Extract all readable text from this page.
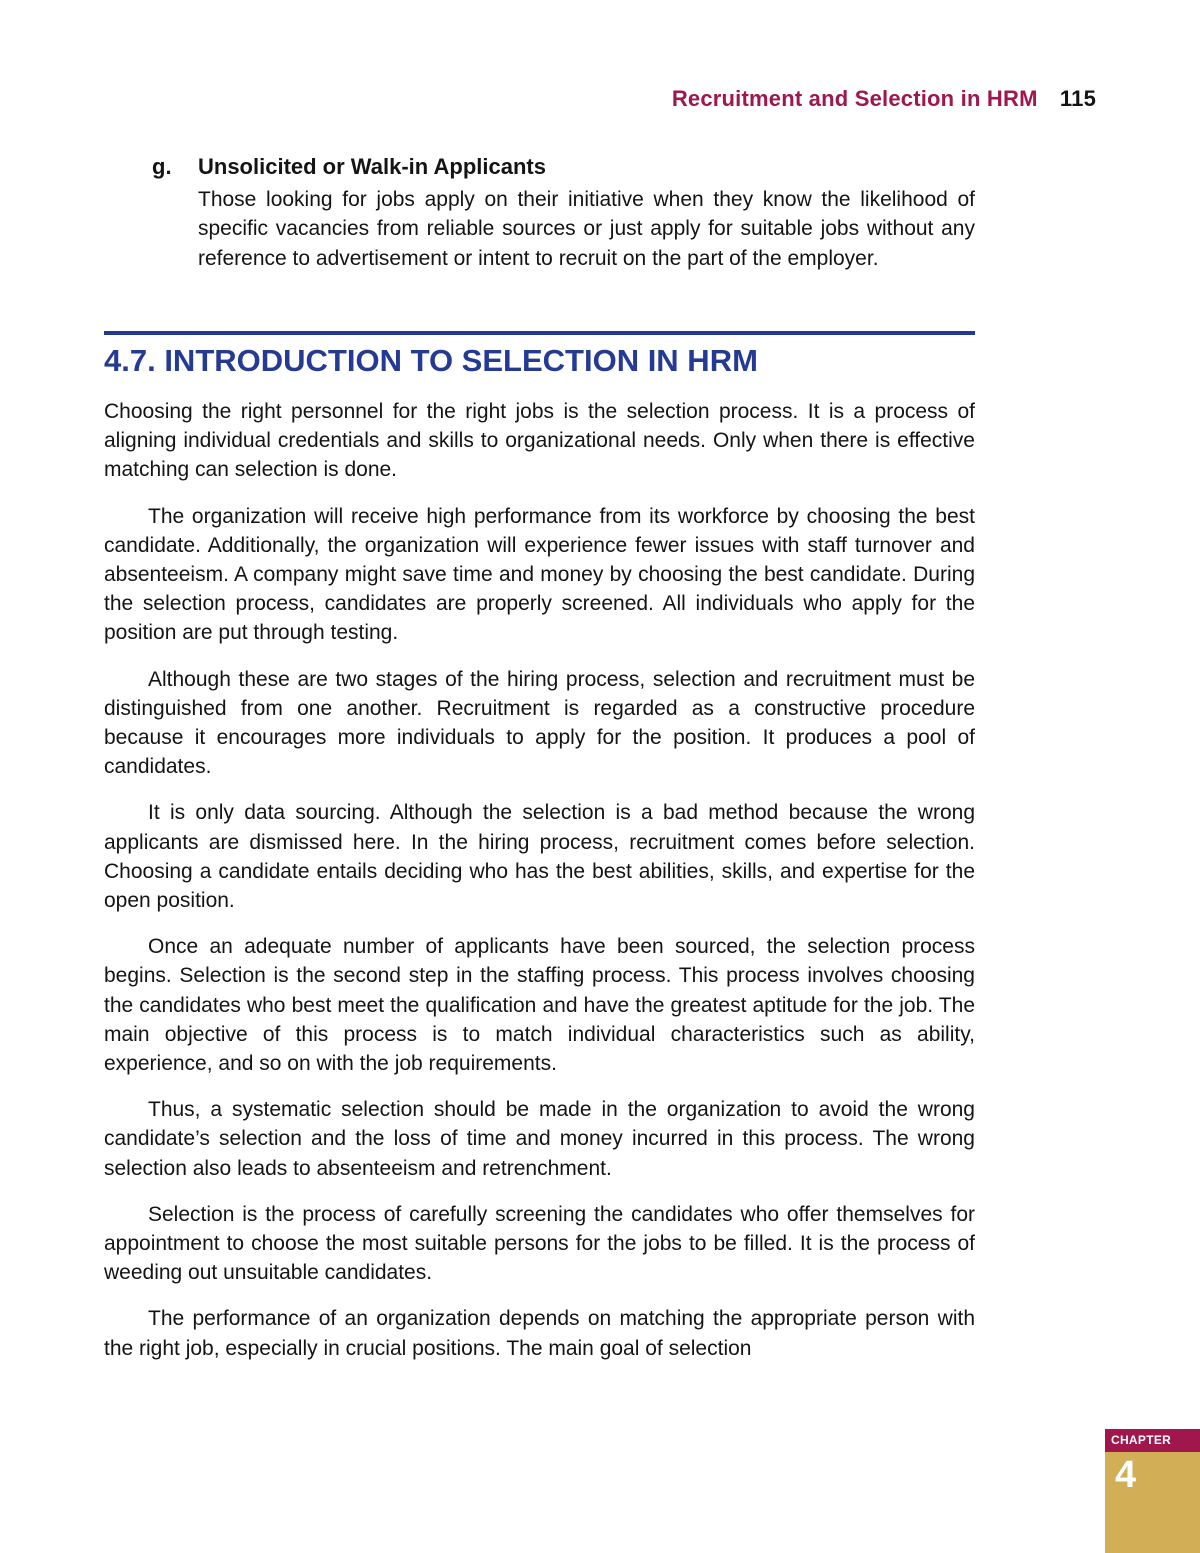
Recruitment and Selection in HRM 115
g. Unsolicited or Walk-in Applicants
Those looking for jobs apply on their initiative when they know the likelihood of specific vacancies from reliable sources or just apply for suitable jobs without any reference to advertisement or intent to recruit on the part of the employer.
4.7. INTRODUCTION TO SELECTION IN HRM

Choosing the right personnel for the right jobs is the selection process. It is a process of aligning individual credentials and skills to organizational needs. Only when there is effective matching can selection is done.

The organization will receive high performance from its workforce by choosing the best candidate. Additionally, the organization will experience fewer issues with staff turnover and absenteeism. A company might save time and money by choosing the best candidate. During the selection process, candidates are properly screened. All individuals who apply for the position are put through testing.

Although these are two stages of the hiring process, selection and recruitment must be distinguished from one another. Recruitment is regarded as a constructive procedure because it encourages more individuals to apply for the position. It produces a pool of candidates.

It is only data sourcing. Although the selection is a bad method because the wrong applicants are dismissed here. In the hiring process, recruitment comes before selection. Choosing a candidate entails deciding who has the best abilities, skills, and expertise for the open position.

Once an adequate number of applicants have been sourced, the selection process begins. Selection is the second step in the staffing process. This process involves choosing the candidates who best meet the qualification and have the greatest aptitude for the job. The main objective of this process is to match individual characteristics such as ability, experience, and so on with the job requirements.

Thus, a systematic selection should be made in the organization to avoid the wrong candidate’s selection and the loss of time and money incurred in this process. The wrong selection also leads to absenteeism and retrenchment.

Selection is the process of carefully screening the candidates who offer themselves for appointment to choose the most suitable persons for the jobs to be filled. It is the process of weeding out unsuitable candidates.

The performance of an organization depends on matching the appropriate person with the right job, especially in crucial positions. The main goal of selection

CHAPTER
4
